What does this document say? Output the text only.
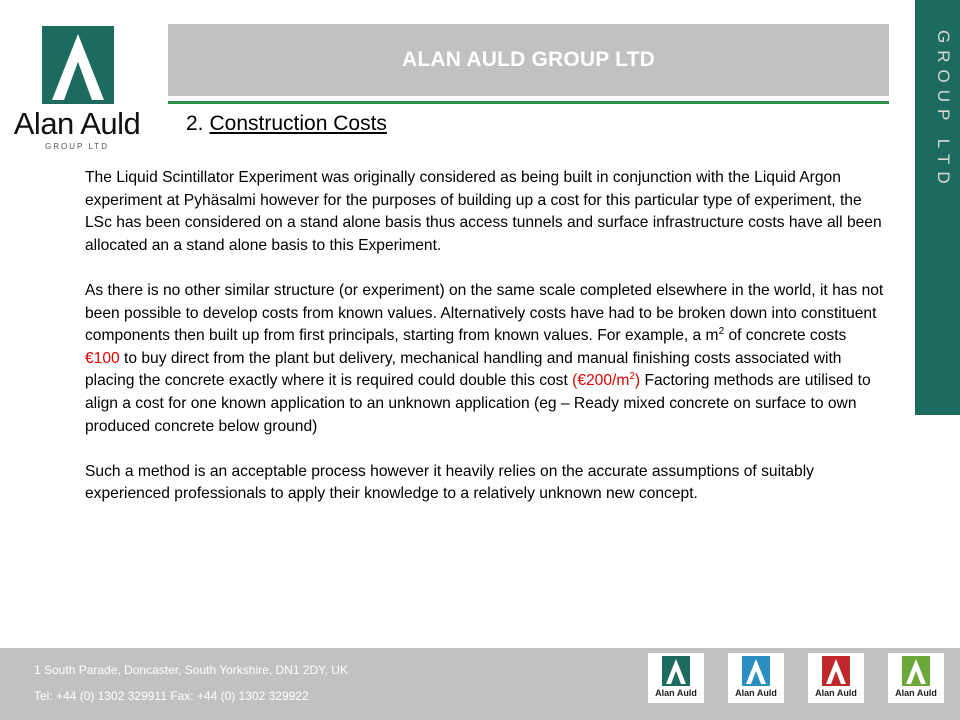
Alan Auld
GROUP LTD
ALAN AULD GROUP LTD	GROUP LTD
2. Construction Costs

The Liquid Scintillator Experiment was originally considered as being built in conjunction with the Liquid Argon experiment at Pyhäsalmi however for the purposes of building up a cost for this particular type of experiment, the LSc has been considered on a stand alone basis thus access tunnels and surface infrastructure costs have all been allocated an a stand alone basis to this Experiment.

As there is no other similar structure (or experiment) on the same scale completed elsewhere in the world, it has not been possible to develop costs from known values. Alternatively costs have had to be broken down into constituent components then built up from first principals, starting from known values. For example, a $m^2$ of concrete costs €100 to buy direct from the plant but delivery, mechanical handling and manual finishing costs associated with placing the concrete exactly where it is required could double this cost $(€200/m^2)$ Factoring methods are utilised to align a cost for one known application to an unknown application (eg – Ready mixed concrete on surface to own produced concrete below ground)

Such a method is an acceptable process however it heavily relies on the accurate assumptions of suitably experienced professionals to apply their knowledge to a relatively unknown new concept.

1 South Parade, Doncaster, South Yorkshire, DN1 2DY, UK
Tel: +44 (0) 1302 329911 Fax: +44 (0) 1302 329922	Alan Auld	Alan Auld	Alan Auld	Alan Auld
